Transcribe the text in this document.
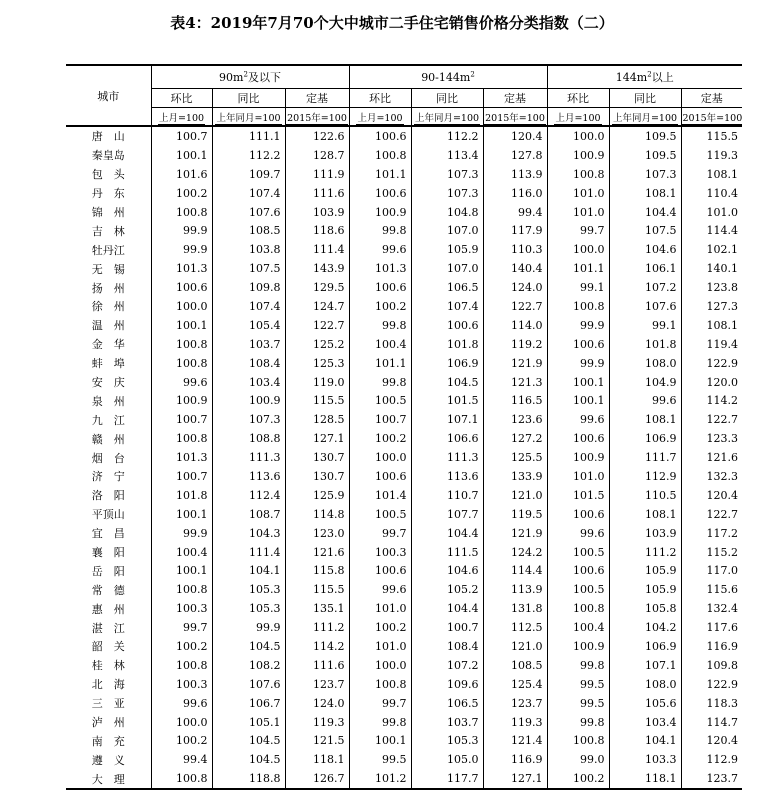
表4：2019年7月70个大中城市二手住宅销售价格分类指数（二）
城市	$90m^2$及以下			$90-144m^2$			$144m^2$以上		
	环比	同比	定基	环比	同比	定基	环比	同比	定基
	上月=100	上年同月=100	2015年=100	上月=100	上年同月=100	2015年=100	上月=100	上年同月=100	2015年=100
唐　山	100.7	111.1	122.6	100.6	112.2	120.4	100.0	109.5	115.5
秦皇岛	100.1	112.2	128.7	100.8	113.4	127.8	100.9	109.5	119.3
包　头	101.6	109.7	111.9	101.1	107.3	113.9	100.8	107.3	108.1
丹　东	100.2	107.4	111.6	100.6	107.3	116.0	101.0	108.1	110.4
锦　州	100.8	107.6	103.9	100.9	104.8	99.4	101.0	104.4	101.0
吉　林	99.9	108.5	118.6	99.8	107.0	117.9	99.7	107.5	114.4
牡丹江	99.9	103.8	111.4	99.6	105.9	110.3	100.0	104.6	102.1
无　锡	101.3	107.5	143.9	101.3	107.0	140.4	101.1	106.1	140.1
扬　州	100.6	109.8	129.5	100.6	106.5	124.0	99.1	107.2	123.8
徐　州	100.0	107.4	124.7	100.2	107.4	122.7	100.8	107.6	127.3
温　州	100.1	105.4	122.7	99.8	100.6	114.0	99.9	99.1	108.1
金　华	100.8	103.7	125.2	100.4	101.8	119.2	100.6	101.8	119.4
蚌　埠	100.8	108.4	125.3	101.1	106.9	121.9	99.9	108.0	122.9
安　庆	99.6	103.4	119.0	99.8	104.5	121.3	100.1	104.9	120.0
泉　州	100.9	100.9	115.5	100.5	101.5	116.5	100.1	99.6	114.2
九　江	100.7	107.3	128.5	100.7	107.1	123.6	99.6	108.1	122.7
赣　州	100.8	108.8	127.1	100.2	106.6	127.2	100.6	106.9	123.3
烟　台	101.3	111.3	130.7	100.0	111.3	125.5	100.9	111.7	121.6
济　宁	100.7	113.6	130.7	100.6	113.6	133.9	101.0	112.9	132.3
洛　阳	101.8	112.4	125.9	101.4	110.7	121.0	101.5	110.5	120.4
平顶山	100.1	108.7	114.8	100.5	107.7	119.5	100.6	108.1	122.7
宜　昌	99.9	104.3	123.0	99.7	104.4	121.9	99.6	103.9	117.2
襄　阳	100.4	111.4	121.6	100.3	111.5	124.2	100.5	111.2	115.2
岳　阳	100.1	104.1	115.8	100.6	104.6	114.4	100.6	105.9	117.0
常　德	100.8	105.3	115.5	99.6	105.2	113.9	100.5	105.9	115.6
惠　州	100.3	105.3	135.1	101.0	104.4	131.8	100.8	105.8	132.4
湛　江	99.7	99.9	111.2	100.2	100.7	112.5	100.4	104.2	117.6
韶　关	100.2	104.5	114.2	101.0	108.4	121.0	100.9	106.9	116.9
桂　林	100.8	108.2	111.6	100.0	107.2	108.5	99.8	107.1	109.8
北　海	100.3	107.6	123.7	100.8	109.6	125.4	99.5	108.0	122.9
三　亚	99.6	106.7	124.0	99.7	106.5	123.7	99.5	105.6	118.3
泸　州	100.0	105.1	119.3	99.8	103.7	119.3	99.8	103.4	114.7
南　充	100.2	104.5	121.5	100.1	105.3	121.4	100.8	104.1	120.4
遵　义	99.4	104.5	118.1	99.5	105.0	116.9	99.0	103.3	112.9
大　理	100.8	118.8	126.7	101.2	117.7	127.1	100.2	118.1	123.7
